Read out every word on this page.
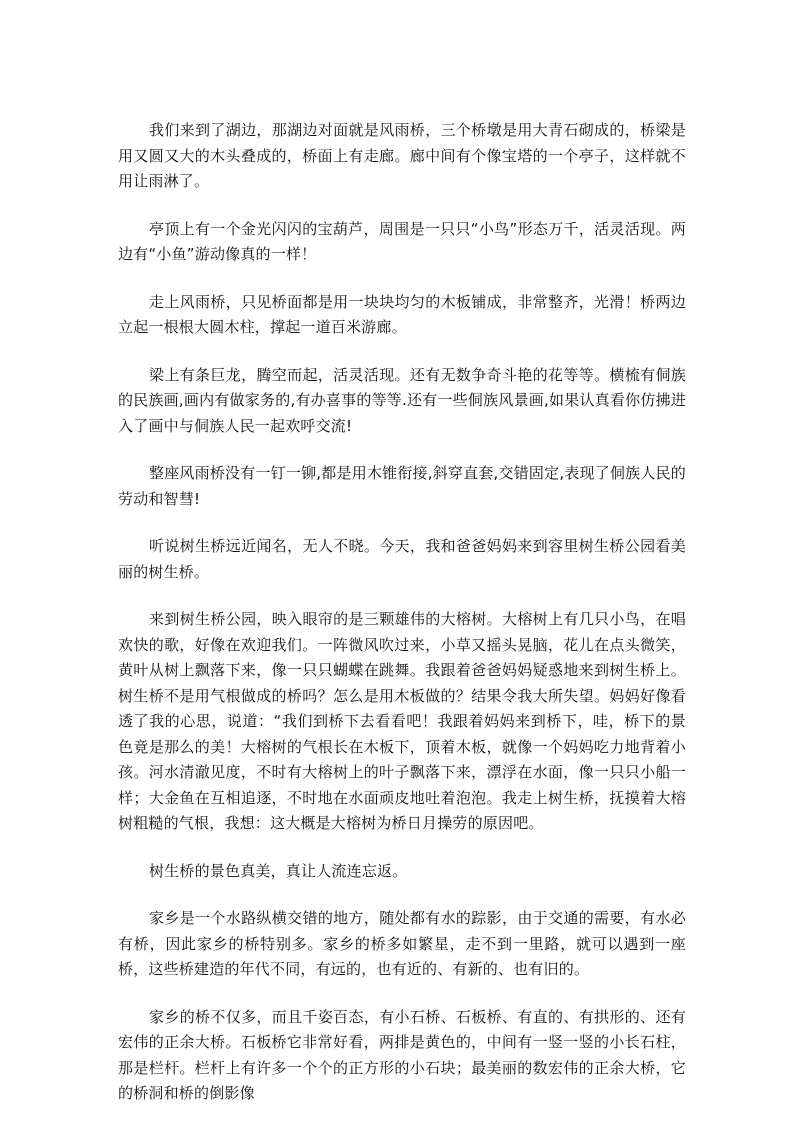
我们来到了湖边，那湖边对面就是风雨桥，三个桥墩是用大青石砌成的，桥梁是用又圆又大的木头叠成的，桥面上有走廊。廊中间有个像宝塔的一个亭子，这样就不用让雨淋了。

亭顶上有一个金光闪闪的宝葫芦，周围是一只只“小鸟”形态万千，活灵活现。两边有“小鱼”游动像真的一样！

走上风雨桥，只见桥面都是用一块块均匀的木板铺成，非常整齐，光滑！桥两边立起一根根大圆木柱，撑起一道百米游廊。

梁上有条巨龙，腾空而起，活灵活现。还有无数争奇斗艳的花等等。横梳有侗族的民族画,画内有做家务的,有办喜事的等等.还有一些侗族风景画,如果认真看你仿拂进入了画中与侗族人民一起欢呼交流!

整座风雨桥没有一钉一铆,都是用木锥衔接,斜穿直套,交错固定,表现了侗族人民的劳动和智彗!

听说树生桥远近闻名，无人不晓。今天，我和爸爸妈妈来到容里树生桥公园看美丽的树生桥。

来到树生桥公园，映入眼帘的是三颗雄伟的大榕树。大榕树上有几只小鸟，在唱欢快的歌，好像在欢迎我们。一阵微风吹过来，小草又摇头晃脑，花儿在点头微笑，黄叶从树上飘落下来，像一只只蝴蝶在跳舞。我跟着爸爸妈妈疑惑地来到树生桥上。树生桥不是用气根做成的桥吗？怎么是用木板做的？结果令我大所失望。妈妈好像看透了我的心思，说道：“我们到桥下去看看吧！我跟着妈妈来到桥下，哇，桥下的景色竟是那么的美！大榕树的气根长在木板下，顶着木板，就像一个妈妈吃力地背着小孩。河水清澈见度，不时有大榕树上的叶子飘落下来，漂浮在水面，像一只只小船一样；大金鱼在互相追逐，不时地在水面顽皮地吐着泡泡。我走上树生桥，抚摸着大榕树粗糙的气根，我想：这大概是大榕树为桥日月操劳的原因吧。

树生桥的景色真美，真让人流连忘返。

家乡是一个水路纵横交错的地方，随处都有水的踪影，由于交通的需要，有水必有桥，因此家乡的桥特别多。家乡的桥多如繁星，走不到一里路，就可以遇到一座桥，这些桥建造的年代不同，有远的，也有近的、有新的、也有旧的。

家乡的桥不仅多，而且千姿百态，有小石桥、石板桥、有直的、有拱形的、还有宏伟的正余大桥。石板桥它非常好看，两排是黄色的，中间有一竖一竖的小长石柱，那是栏杆。栏杆上有许多一个个的正方形的小石块；最美丽的数宏伟的正余大桥，它的桥洞和桥的倒影像
